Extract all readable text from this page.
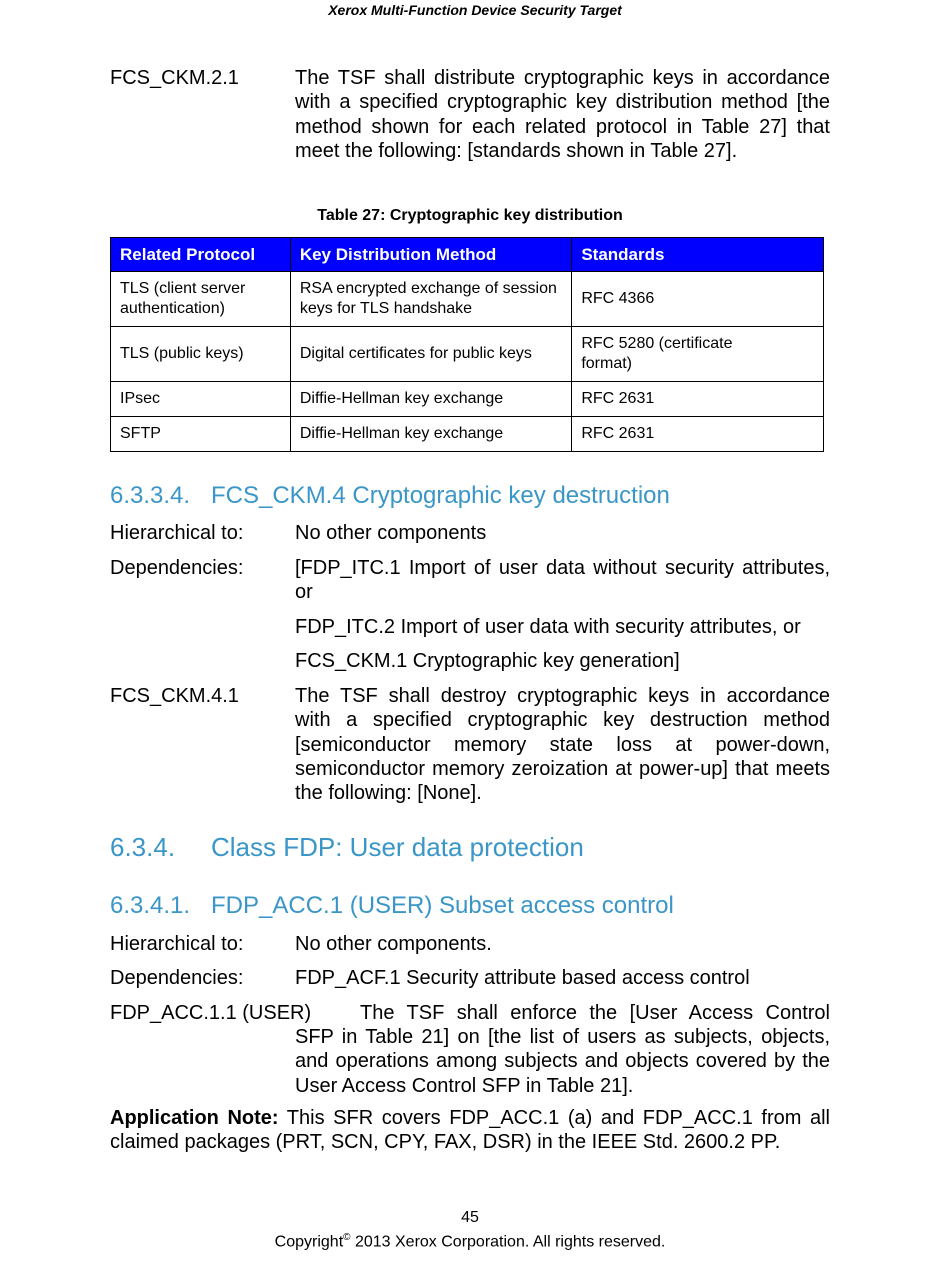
Xerox Multi-Function Device Security Target
FCS_CKM.2.1	The TSF shall distribute cryptographic keys in accordance with a specified cryptographic key distribution method [the method shown for each related protocol in Table 27] that meet the following: [standards shown in Table 27].
Table 27: Cryptographic key distribution
Related Protocol	Key Distribution Method	Standards
TLS (client server authentication)	RSA encrypted exchange of session keys for TLS handshake	RFC 4366
TLS (public keys)	Digital certificates for public keys	RFC 5280 (certificate format)
IPsec	Diffie-Hellman key exchange	RFC 2631
SFTP	Diffie-Hellman key exchange	RFC 2631
6.3.3.4. FCS_CKM.4 Cryptographic key destruction
Hierarchical to:	No other components
Dependencies:	[FDP_ITC.1 Import of user data without security attributes, or
FDP_ITC.2 Import of user data with security attributes, or
FCS_CKM.1 Cryptographic key generation]
FCS_CKM.4.1	The TSF shall destroy cryptographic keys in accordance with a specified cryptographic key destruction method [semiconductor memory state loss at power-down, semiconductor memory zeroization at power-up] that meets the following: [None].
6.3.4. Class FDP: User data protection
6.3.4.1. FDP_ACC.1 (USER) Subset access control
Hierarchical to:	No other components.
Dependencies:	FDP_ACF.1 Security attribute based access control
FDP_ACC.1.1 (USER) The TSF shall enforce the [User Access Control
SFP in Table 21] on [the list of users as subjects, objects, and operations among subjects and objects covered by the User Access Control SFP in Table 21].
Application Note: This SFR covers FDP_ACC.1 (a) and FDP_ACC.1 from all claimed packages (PRT, SCN, CPY, FAX, DSR) in the IEEE Std. 2600.2 PP.
45
Copyright© 2013 Xerox Corporation. All rights reserved.
